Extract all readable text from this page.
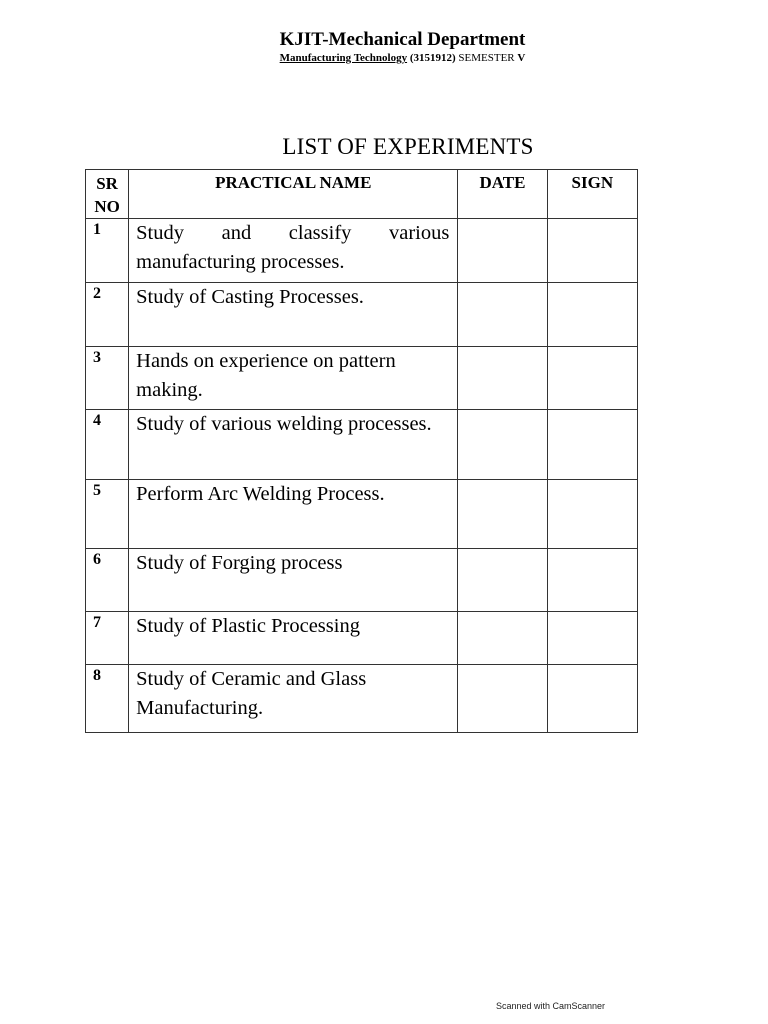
KJIT-Mechanical Department
Manufacturing Technology (3151912) SEMESTER V
LIST OF EXPERIMENTS
SR
NO	PRACTICAL NAME	DATE	SIGN
1	Study and classify various manufacturing processes.		
2	Study of Casting Processes.		
3	Hands on experience on pattern making.		
4	Study of various welding processes.		
5	Perform Arc Welding Process.		
6	Study of Forging process		
7	Study of Plastic Processing		
8	Study of Ceramic and Glass Manufacturing.		
Scanned with CamScanner
